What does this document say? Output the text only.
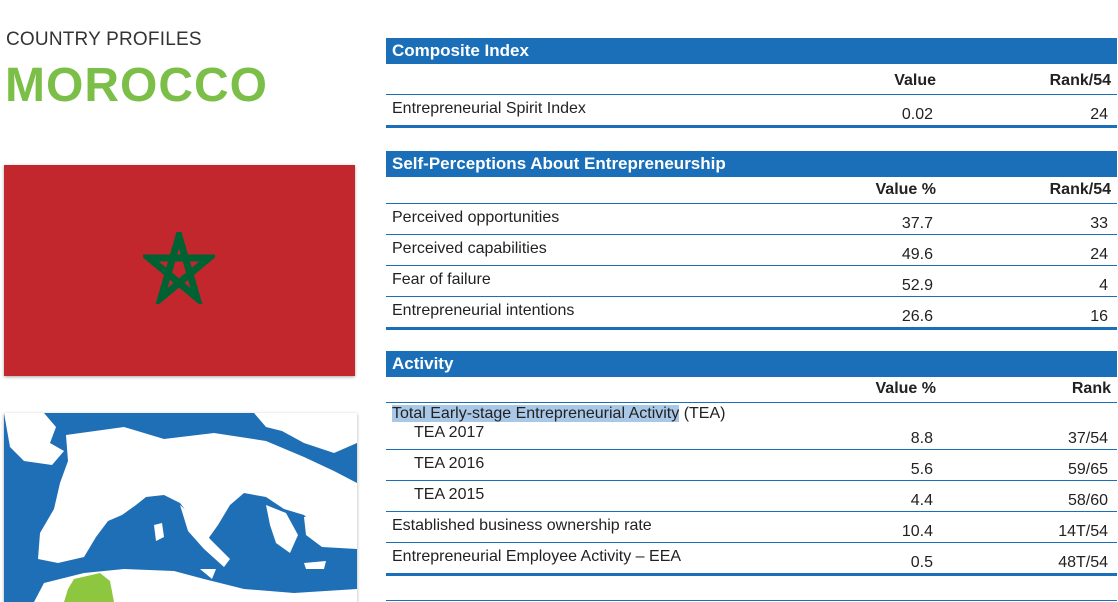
COUNTRY PROFILES
MOROCCO
Composite Index
Value	Rank/54
Entrepreneurial Spirit Index	0.02	24
Self-Perceptions About Entrepreneurship
Value %	Rank/54
Perceived opportunities	37.7	33
Perceived capabilities	49.6	24
Fear of failure	52.9	4
Entrepreneurial intentions	26.6	16
Activity
Value %	Rank
Total Early-stage Entrepreneurial Activity (TEA)
TEA 2017	8.8	37/54
TEA 2016	5.6	59/65
TEA 2015	4.4	58/60
Established business ownership rate	10.4	14T/54
Entrepreneurial Employee Activity – EEA	0.5	48T/54
